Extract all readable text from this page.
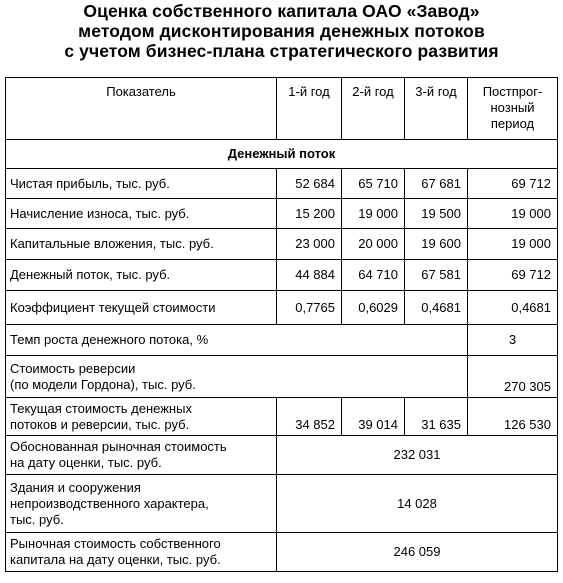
Оценка собственного капитала ОАО «Завод»
методом дисконтирования денежных потоков
с учетом бизнес-плана стратегического развития
Показатель	1-й год	2-й год	3-й год	Постпрог-
нозный
период

Денежный поток				
Чистая прибыль, тыс. руб.	52 684	65 710	67 681	69 712
Начисление износа, тыс. руб.	15 200	19 000	19 500	19 000
Капитальные вложения, тыс. руб.	23 000	20 000	19 600	19 000
Денежный поток, тыс. руб.	44 884	64 710	67 581	69 712
Коэффициент текущей стоимости	0,7765	0,6029	0,4681	0,4681
Темп роста денежного потока, %				3

Стоимость реверсии
(по модели Гордона), тыс. руб.				270 305

Текущая стоимость денежных
потоков и реверсии, тыс. руб.	34 852	39 014	31 635	126 530

Обоснованная рыночная стоимость
на дату оценки, тыс. руб.	232 031			

Здания и сооружения
непроизводственного характера,
тыс. руб.	14 028			

Рыночная стоимость собственного
капитала на дату оценки, тыс. руб.	246 059			
